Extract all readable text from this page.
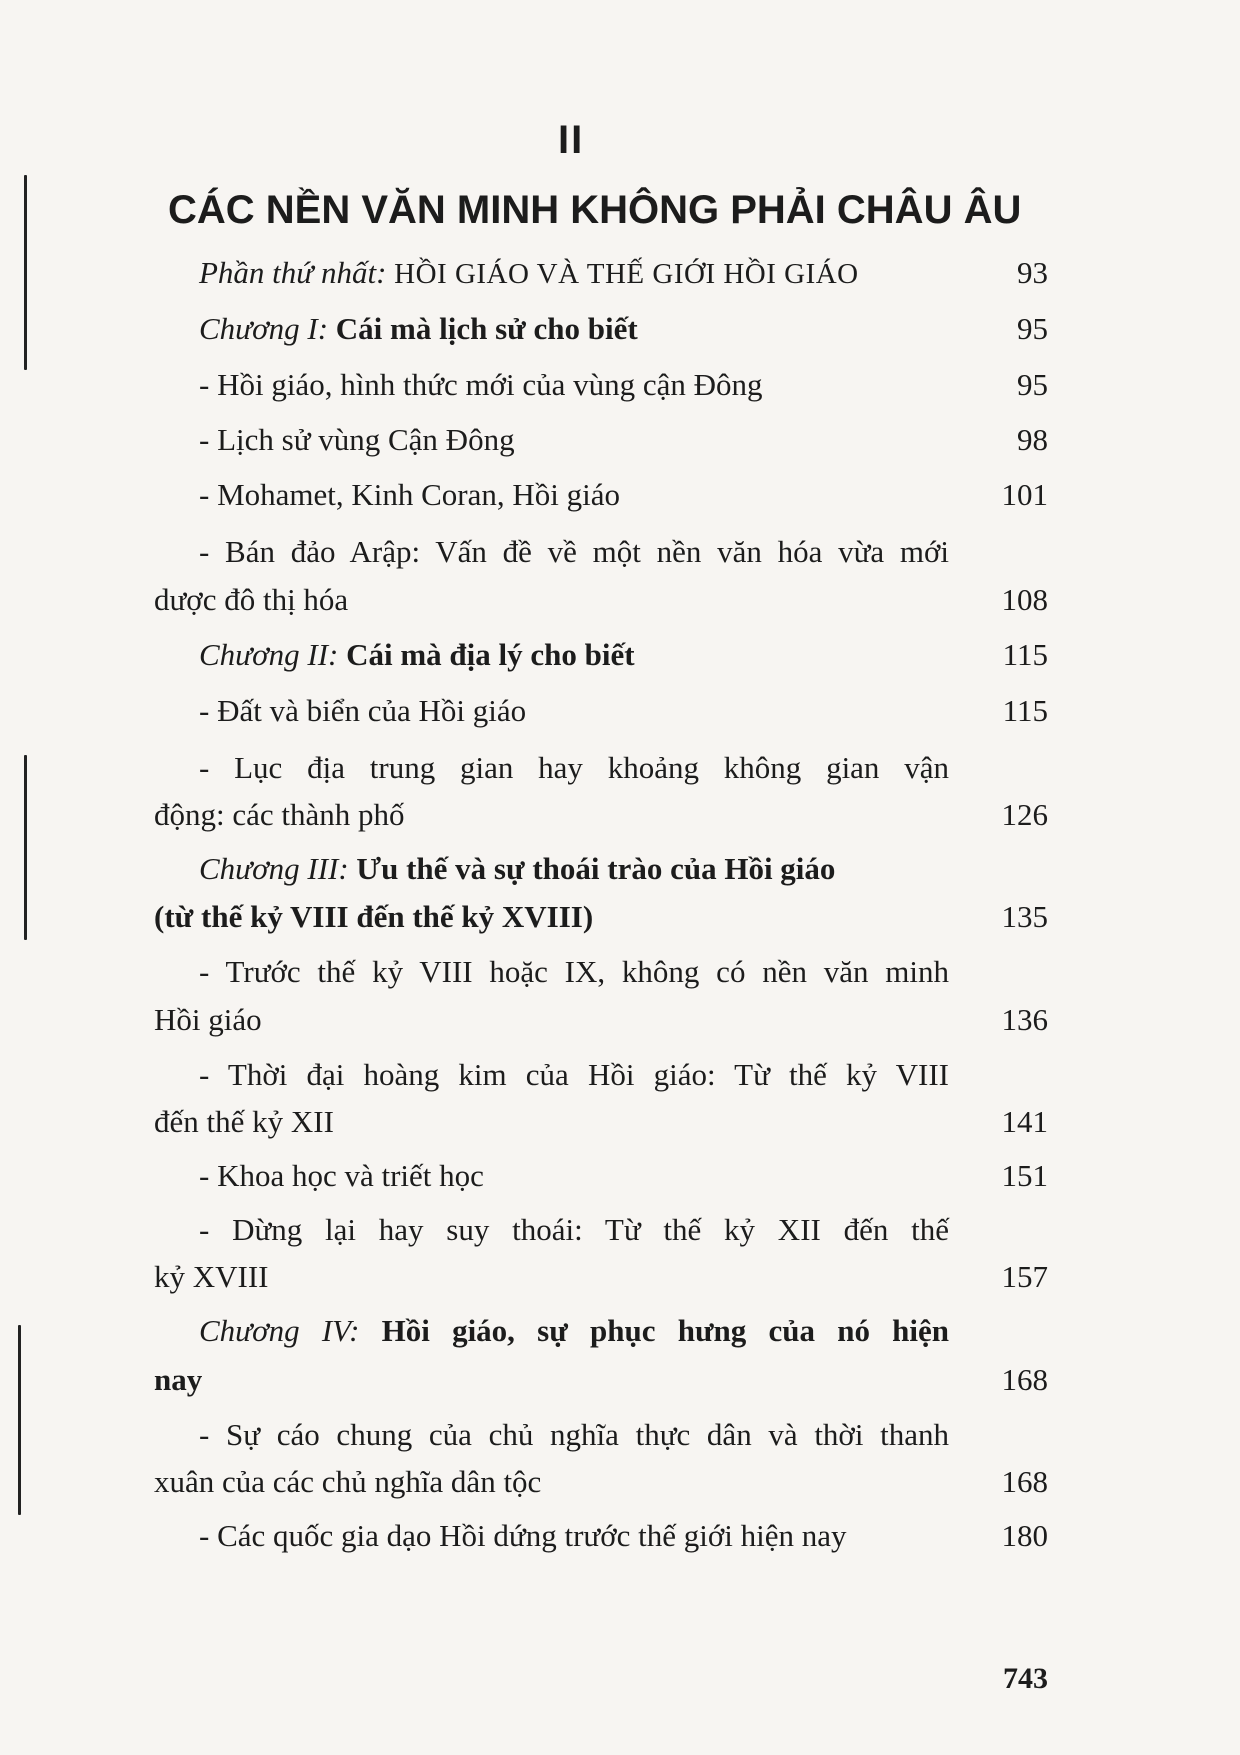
II
CÁC NỀN VĂN MINH KHÔNG PHẢI CHÂU ÂU
Phần thứ nhất: HỒI GIÁO VÀ THẾ GIỚI HỒI GIÁO	93
Chương I: Cái mà lịch sử cho biết	95
- Hồi giáo, hình thức mới của vùng cận Đông	95
- Lịch sử vùng Cận Đông	98
- Mohamet, Kinh Coran, Hồi giáo	101
- Bán đảo Arập: Vấn đề về một nền văn hóa vừa mới
dược đô thị hóa	108
Chương II: Cái mà địa lý cho biết	115
- Đất và biển của Hồi giáo	115
- Lục địa trung gian hay khoảng không gian vận
động: các thành phố	126
Chương III: Ưu thế và sự thoái trào của Hồi giáo
(từ thế kỷ VIII đến thế kỷ XVIII)	135
- Trước thế kỷ VIII hoặc IX, không có nền văn minh
Hồi giáo	136
- Thời đại hoàng kim của Hồi giáo: Từ thế kỷ VIII
đến thế kỷ XII	141
- Khoa học và triết học	151
- Dừng lại hay suy thoái: Từ thế kỷ XII đến thế
kỷ XVIII	157
Chương IV: Hồi giáo, sự phục hưng của nó hiện
nay	168
- Sự cáo chung của chủ nghĩa thực dân và thời thanh
xuân của các chủ nghĩa dân tộc	168
- Các quốc gia dạo Hồi dứng trước thế giới hiện nay	180
743
